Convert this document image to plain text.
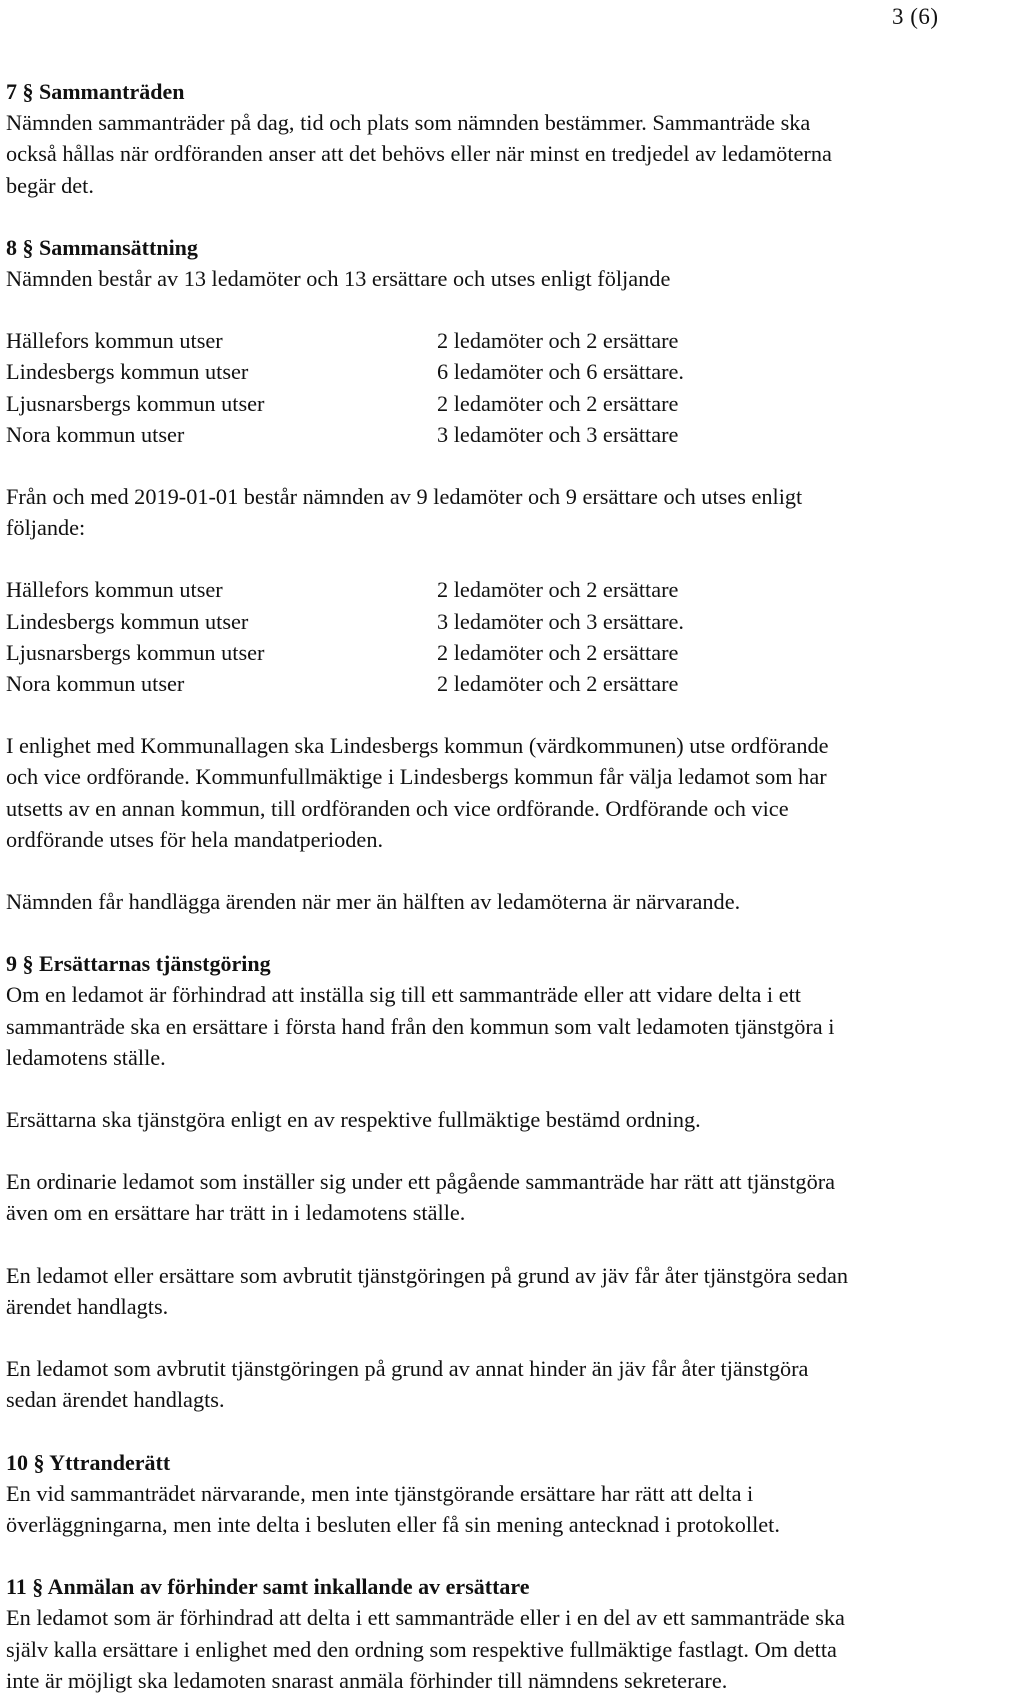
3 (6)
7 § Sammanträden
Nämnden sammanträder på dag, tid och plats som nämnden bestämmer. Sammanträde ska
också hållas när ordföranden anser att det behövs eller när minst en tredjedel av ledamöterna
begär det.
8 § Sammansättning
Nämnden består av 13 ledamöter och 13 ersättare och utses enligt följande
Hällefors kommun utser	2 ledamöter och 2 ersättare
Lindesbergs kommun utser	6 ledamöter och 6 ersättare.
Ljusnarsbergs kommun utser	2 ledamöter och 2 ersättare
Nora kommun utser	3 ledamöter och 3 ersättare
Från och med 2019-01-01 består nämnden av 9 ledamöter och 9 ersättare och utses enligt
följande:
Hällefors kommun utser	2 ledamöter och 2 ersättare
Lindesbergs kommun utser	3 ledamöter och 3 ersättare.
Ljusnarsbergs kommun utser	2 ledamöter och 2 ersättare
Nora kommun utser	2 ledamöter och 2 ersättare
I enlighet med Kommunallagen ska Lindesbergs kommun (värdkommunen) utse ordförande
och vice ordförande. Kommunfullmäktige i Lindesbergs kommun får välja ledamot som har
utsetts av en annan kommun, till ordföranden och vice ordförande. Ordförande och vice
ordförande utses för hela mandatperioden.
Nämnden får handlägga ärenden när mer än hälften av ledamöterna är närvarande.
9 § Ersättarnas tjänstgöring
Om en ledamot är förhindrad att inställa sig till ett sammanträde eller att vidare delta i ett
sammanträde ska en ersättare i första hand från den kommun som valt ledamoten tjänstgöra i
ledamotens ställe.
Ersättarna ska tjänstgöra enligt en av respektive fullmäktige bestämd ordning.
En ordinarie ledamot som inställer sig under ett pågående sammanträde har rätt att tjänstgöra
även om en ersättare har trätt in i ledamotens ställe.
En ledamot eller ersättare som avbrutit tjänstgöringen på grund av jäv får åter tjänstgöra sedan
ärendet handlagts.
En ledamot som avbrutit tjänstgöringen på grund av annat hinder än jäv får åter tjänstgöra
sedan ärendet handlagts.
10 § Yttranderätt
En vid sammanträdet närvarande, men inte tjänstgörande ersättare har rätt att delta i
överläggningarna, men inte delta i besluten eller få sin mening antecknad i protokollet.
11 § Anmälan av förhinder samt inkallande av ersättare
En ledamot som är förhindrad att delta i ett sammanträde eller i en del av ett sammanträde ska
själv kalla ersättare i enlighet med den ordning som respektive fullmäktige fastlagt. Om detta
inte är möjligt ska ledamoten snarast anmäla förhinder till nämndens sekreterare.
